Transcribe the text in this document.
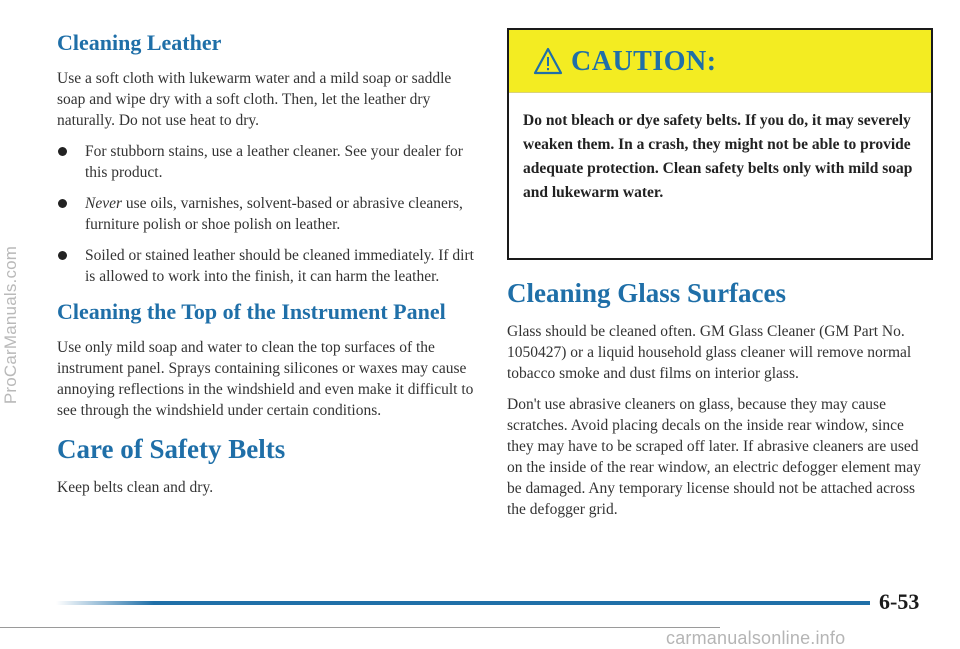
ProCarManuals.com
Cleaning Leather

Use a soft cloth with lukewarm water and a mild soap or saddle soap and wipe dry with a soft cloth. Then, let the leather dry naturally. Do not use heat to dry.

For stubborn stains, use a leather cleaner. See your dealer for this product.
Never use oils, varnishes, solvent-based or abrasive cleaners, furniture polish or shoe polish on leather.
Soiled or stained leather should be cleaned immediately. If dirt is allowed to work into the finish, it can harm the leather.
Cleaning the Top of the Instrument Panel

Use only mild soap and water to clean the top surfaces of the instrument panel. Sprays containing silicones or waxes may cause annoying reflections in the windshield and even make it difficult to see through the windshield under certain conditions.

Care of Safety Belts

Keep belts clean and dry.

CAUTION:
Do not bleach or dye safety belts. If you do, it may severely weaken them. In a crash, they might not be able to provide adequate protection. Clean safety belts only with mild soap and lukewarm water.
Cleaning Glass Surfaces

Glass should be cleaned often. GM Glass Cleaner (GM Part No. 1050427) or a liquid household glass cleaner will remove normal tobacco smoke and dust films on interior glass.

Don't use abrasive cleaners on glass, because they may cause scratches. Avoid placing decals on the inside rear window, since they may have to be scraped off later. If abrasive cleaners are used on the inside of the rear window, an electric defogger element may be damaged. Any temporary license should not be attached across the defogger grid.

6-53
carmanualsonline.info
